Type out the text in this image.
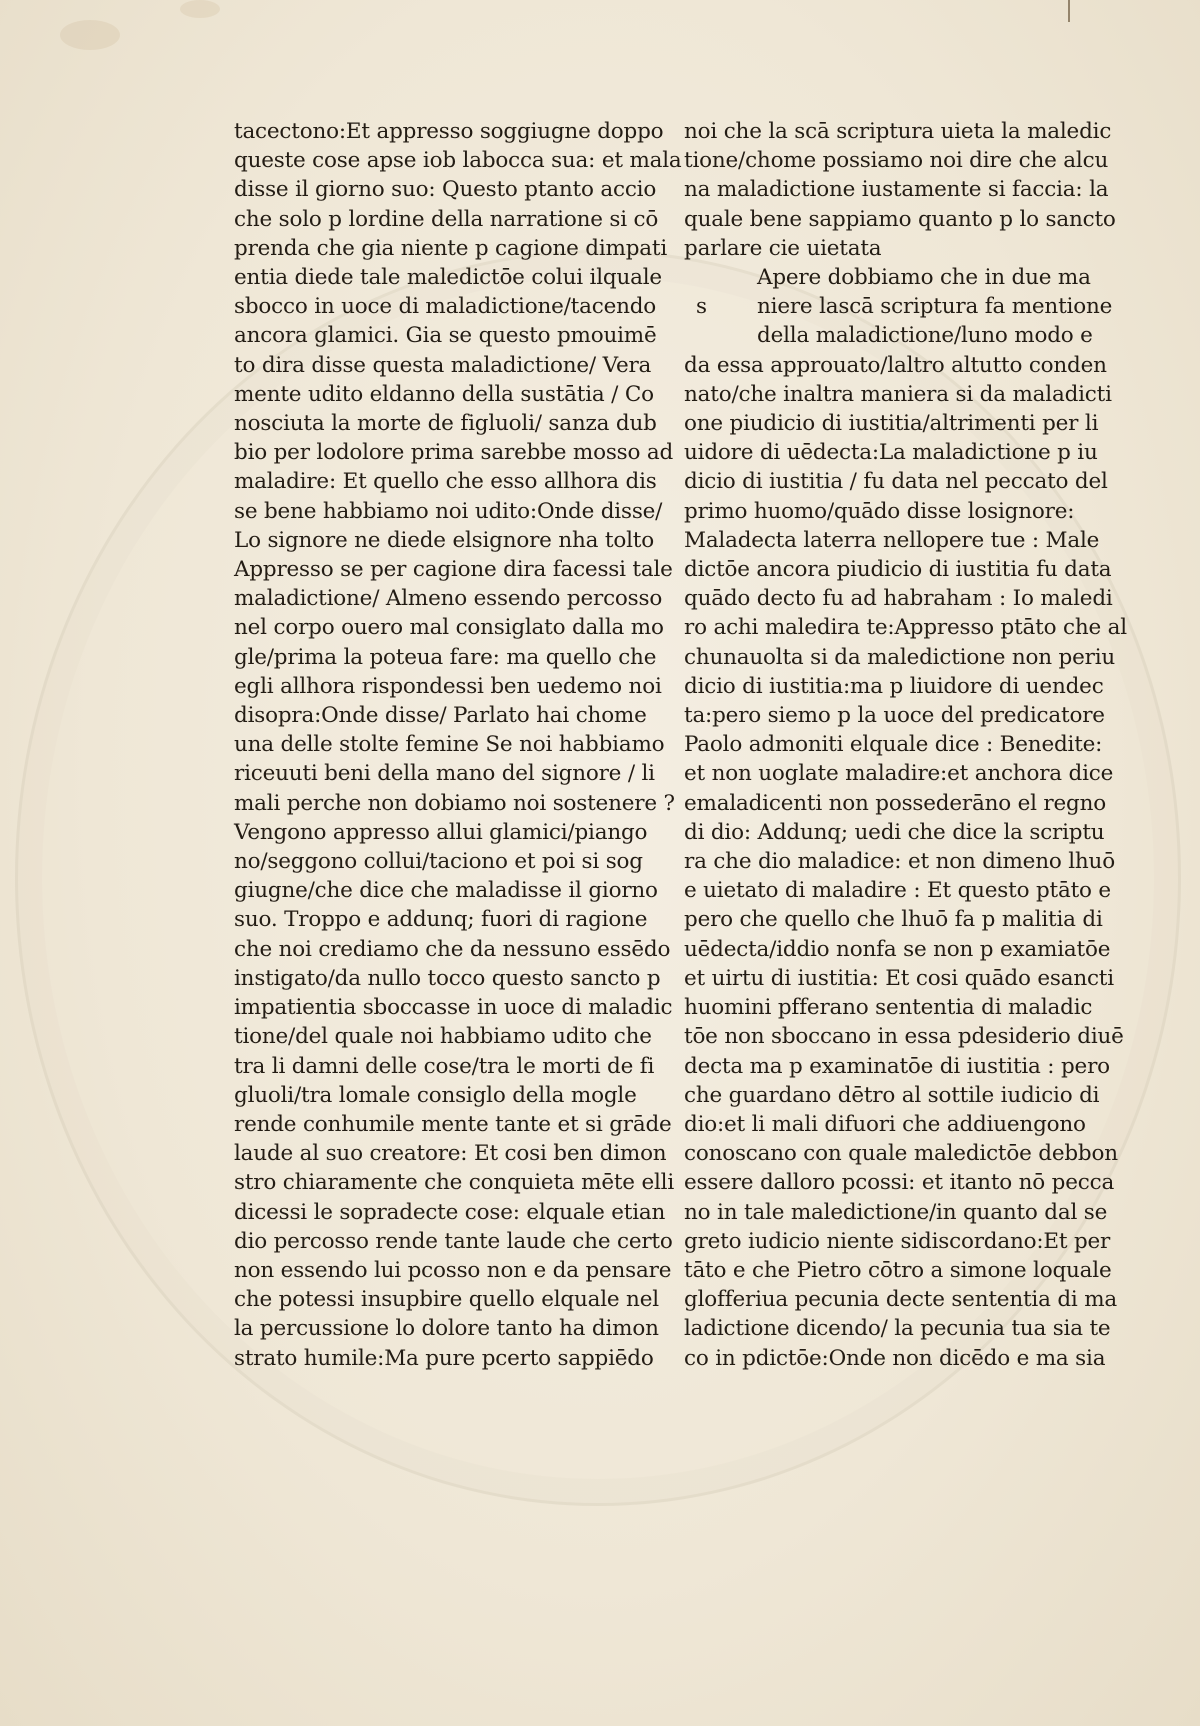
tacectono:Et appresso soggiugne doppo
queste cose apse iob labocca sua: et mala
disse il giorno suo: Questo ptanto accio
che solo p lordine della narratione si cō
prenda che gia niente p cagione dimpati
entia diede tale maledictōe colui ilquale
sbocco in uoce di maladictione/tacendo
ancora glamici. Gia se questo pmouimē
to dira disse questa maladictione/ Vera
mente udito eldanno della sustātia / Co
nosciuta la morte de figluoli/ sanza dub
bio per lodolore prima sarebbe mosso ad
maladire: Et quello che esso allhora dis
se bene habbiamo noi udito:Onde disse/
Lo signore ne diede elsignore nha tolto
Appresso se per cagione dira facessi tale
maladictione/ Almeno essendo percosso
nel corpo ouero mal consiglato dalla mo
gle/prima la poteua fare: ma quello che
egli allhora rispondessi ben uedemo noi
disopra:Onde disse/ Parlato hai chome
una delle stolte femine Se noi habbiamo
riceuuti beni della mano del signore / li
mali perche non dobiamo noi sostenere ?
Vengono appresso allui glamici/piango
no/seggono collui/taciono et poi si sog
giugne/che dice che maladisse il giorno
suo. Troppo e addunq; fuori di ragione
che noi crediamo che da nessuno essēdo
instigato/da nullo tocco questo sancto p
impatientia sboccasse in uoce di maladic
tione/del quale noi habbiamo udito che
tra li damni delle cose/tra le morti de fi
gluoli/tra lomale consiglo della mogle
rende conhumile mente tante et si grāde
laude al suo creatore: Et cosi ben dimon
stro chiaramente che conquieta mēte elli
dicessi le sopradecte cose: elquale etian
dio percosso rende tante laude che certo
non essendo lui pcosso non e da pensare
che potessi insupbire quello elquale nel
la percussione lo dolore tanto ha dimon
strato humile:Ma pure pcerto sappiēdo
noi che la scā scriptura uieta la maledic
tione/chome possiamo noi dire che alcu
na maladictione iustamente si faccia: la
quale bene sappiamo quanto p lo sancto
parlare cie uietata
Apere dobbiamo che in due ma
niere lascā scriptura fa mentione
della maladictione/luno modo e
da essa approuato/laltro altutto conden
nato/che inaltra maniera si da maladicti
one piudicio di iustitia/altrimenti per li
uidore di uēdecta:La maladictione p iu
dicio di iustitia / fu data nel peccato del
primo huomo/quādo disse losignore:
Maladecta laterra nellopere tue : Male
dictōe ancora piudicio di iustitia fu data
quādo decto fu ad habraham : Io maledi
ro achi maledira te:Appresso ptāto che al
chunauolta si da maledictione non periu
dicio di iustitia:ma p liuidore di uendec
ta:pero siemo p la uoce del predicatore
Paolo admoniti elquale dice : Benedite:
et non uoglate maladire:et anchora dice
emaladicenti non possederāno el regno
di dio: Addunq; uedi che dice la scriptu
ra che dio maladice: et non dimeno lhuō
e uietato di maladire : Et questo ptāto e
pero che quello che lhuō fa p malitia di
uēdecta/iddio nonfa se non p examiatōe
et uirtu di iustitia: Et cosi quādo esancti
huomini pfferano sententia di maladic
tōe non sboccano in essa pdesiderio diuē
decta ma p examinatōe di iustitia : pero
che guardano dētro al sottile iudicio di
dio:et li mali difuori che addiuengono
conoscano con quale maledictōe debbon
essere dalloro pcossi: et itanto nō pecca
no in tale maledictione/in quanto dal se
greto iudicio niente sidiscordano:Et per
tāto e che Pietro cōtro a simone loquale
glofferiua pecunia decte sententia di ma
ladictione dicendo/ la pecunia tua sia te
co in pdictōe:Onde non dicēdo e ma sia
s
